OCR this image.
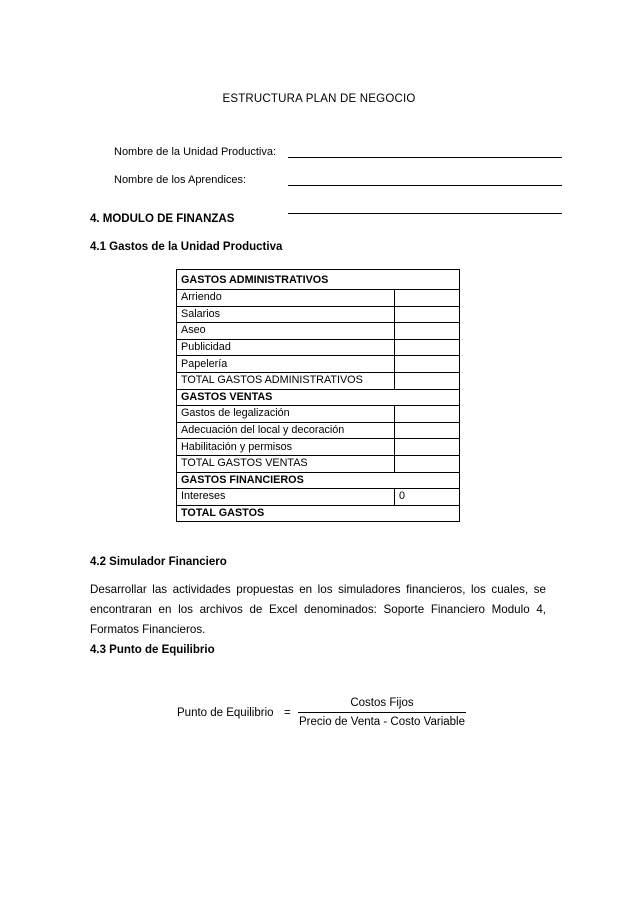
ESTRUCTURA PLAN DE NEGOCIO
Nombre de la Unidad Productiva:
Nombre de los Aprendices:
4. MODULO DE FINANZAS
4.1 Gastos de la Unidad Productiva
GASTOS ADMINISTRATIVOS	
Arriendo	
Salarios	
Aseo	
Publicidad	
Papelería	
TOTAL GASTOS ADMINISTRATIVOS	
GASTOS VENTAS	
Gastos de legalización	
Adecuación del local y decoración	
Habilitación y permisos	
TOTAL GASTOS VENTAS	
GASTOS FINANCIEROS	
Intereses	0
TOTAL GASTOS	
4.2 Simulador Financiero
Desarrollar las actividades propuestas en los simuladores financieros, los cuales, se encontraran en los archivos de Excel denominados: Soporte Financiero Modulo 4, Formatos Financieros.
4.3 Punto de Equilibrio
Punto de Equilibrio =
Costos Fijos
Precio de Venta - Costo Variable
